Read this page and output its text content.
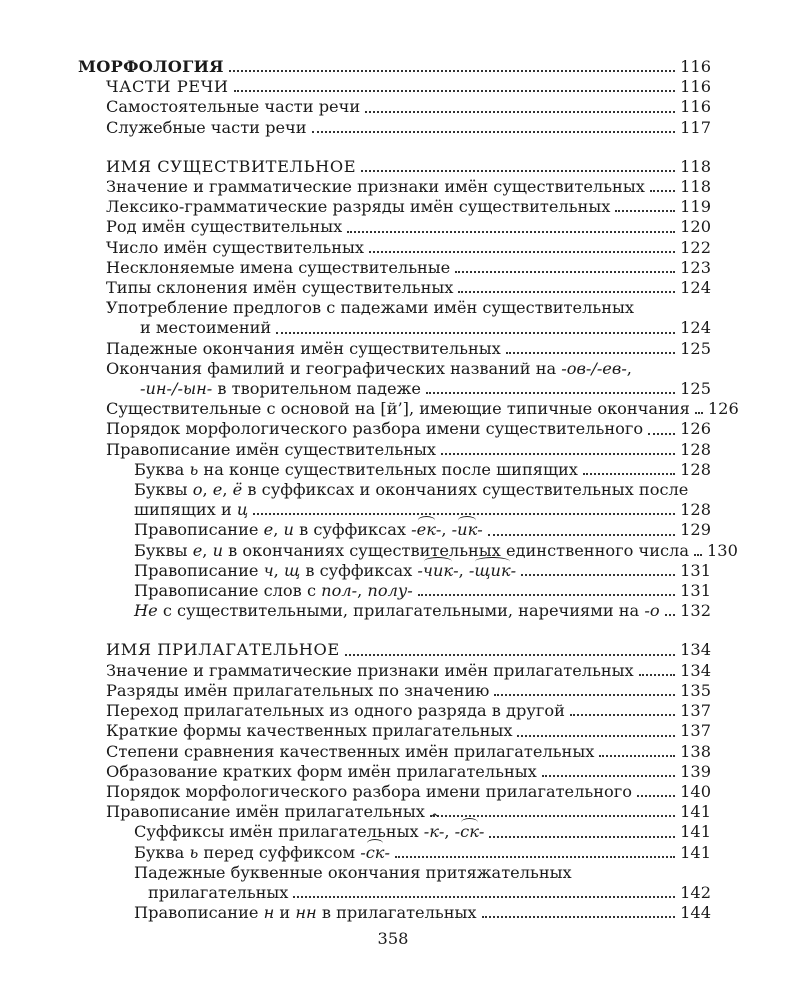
МОРФОЛОГИЯ	116
ЧАСТИ РЕЧИ	116
Самостоятельные части речи	116
Служебные части речи	117
ИМЯ СУЩЕСТВИТЕЛЬНОЕ	118
Значение и грамматические признаки имён существительных 118
Лексико-грамматические разряды имён существительных	119
Род имён существительных	120
Число имён существительных	122
Несклоняемые имена существительные	123
Типы склонения имён существительных	124
Употребление предлогов с падежами имён существительных
и местоимений	124
Падежные окончания имён существительных	125
Окончания фамилий и географических названий на -ов-/-ев-,
-ин-/-ын- в творительном падеже	125
Существительные с основой на [й’], имеющие типичные окончания 126
Порядок морфологического разбора имени существительного 126
Правописание имён существительных	128
Буква ь на конце существительных после шипящих	128
Буквы о, е, ё в суффиксах и окончаниях существительных после
шипящих и ц	128
Правописание е, и в суффиксах -ек-, -ик-	129
Буквы е, и в окончаниях существительных единственного числа 130
Правописание ч, щ в суффиксах -чик-, -щик-	131
Правописание слов с пол-, полу-	131
Не с существительными, прилагательными, наречиями на -о 132
ИМЯ ПРИЛАГАТЕЛЬНОЕ	134
Значение и грамматические признаки имён прилагательных	134
Разряды имён прилагательных по значению	135
Переход прилагательных из одного разряда в другой	137
Краткие формы качественных прилагательных	137
Степени сравнения качественных имён прилагательных	138
Образование кратких форм имён прилагательных	139
Порядок морфологического разбора имени прилагательного	140
Правописание имён прилагательных	141
Суффиксы имён прилагательных -^ к-, -ск-	141
Буква ь перед суффиксом -ск-	141
Падежные буквенные окончания притяжательных
прилагательных	142
Правописание н и нн в прилагательных	144
358
